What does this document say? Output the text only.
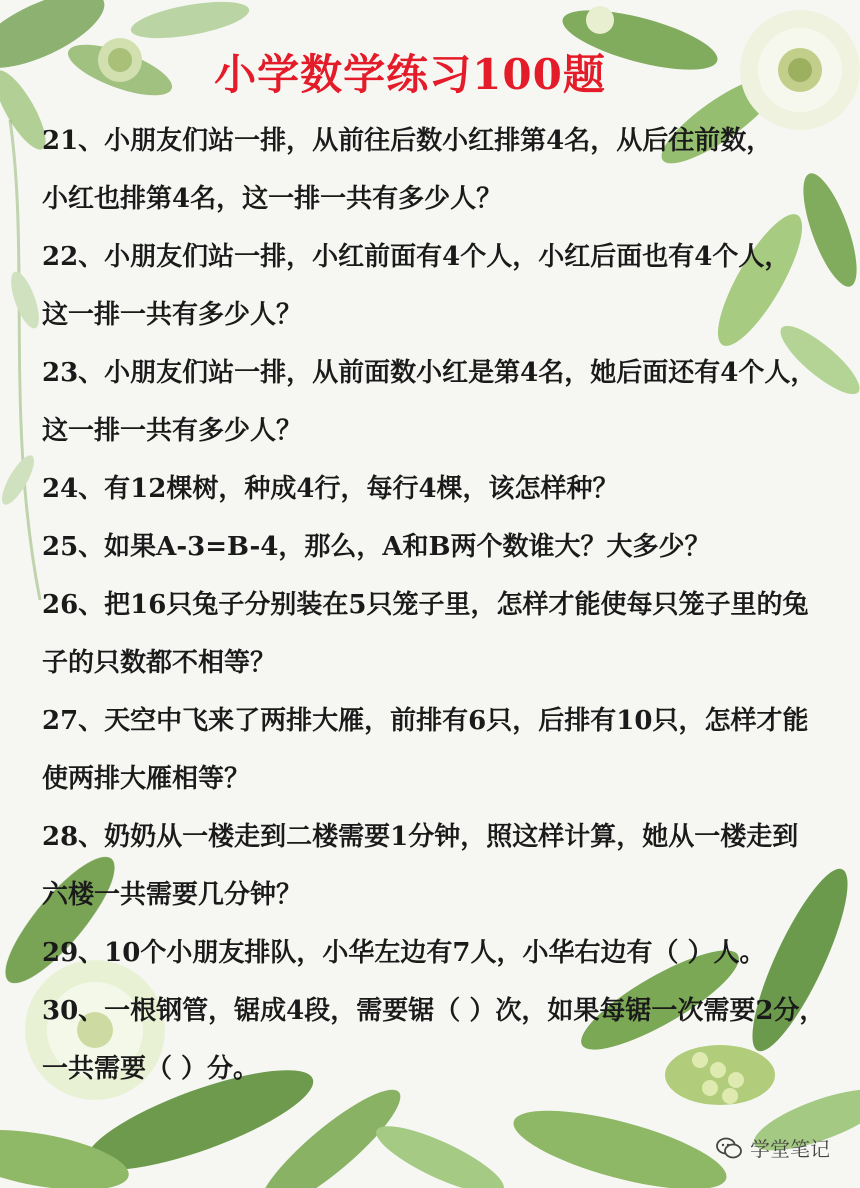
小学数学练习100题
21、小朋友们站一排，从前往后数小红排第4名，从后往前数，
小红也排第4名，这一排一共有多少人？
22、小朋友们站一排，小红前面有4个人，小红后面也有4个人，
这一排一共有多少人？
23、小朋友们站一排，从前面数小红是第4名，她后面还有4个人，
这一排一共有多少人？
24、有12棵树，种成4行，每行4棵，该怎样种？
25、如果A-3=B-4，那么，A和B两个数谁大？大多少？
26、把16只兔子分别装在5只笼子里，怎样才能使每只笼子里的兔
子的只数都不相等？
27、天空中飞来了两排大雁，前排有6只，后排有10只，怎样才能
使两排大雁相等？
28、奶奶从一楼走到二楼需要1分钟，照这样计算，她从一楼走到
六楼一共需要几分钟？
29、10个小朋友排队，小华左边有7人，小华右边有（ ）人。
30、一根钢管，锯成4段，需要锯（ ）次，如果每锯一次需要2分，
一共需要（ ）分。
学堂笔记
